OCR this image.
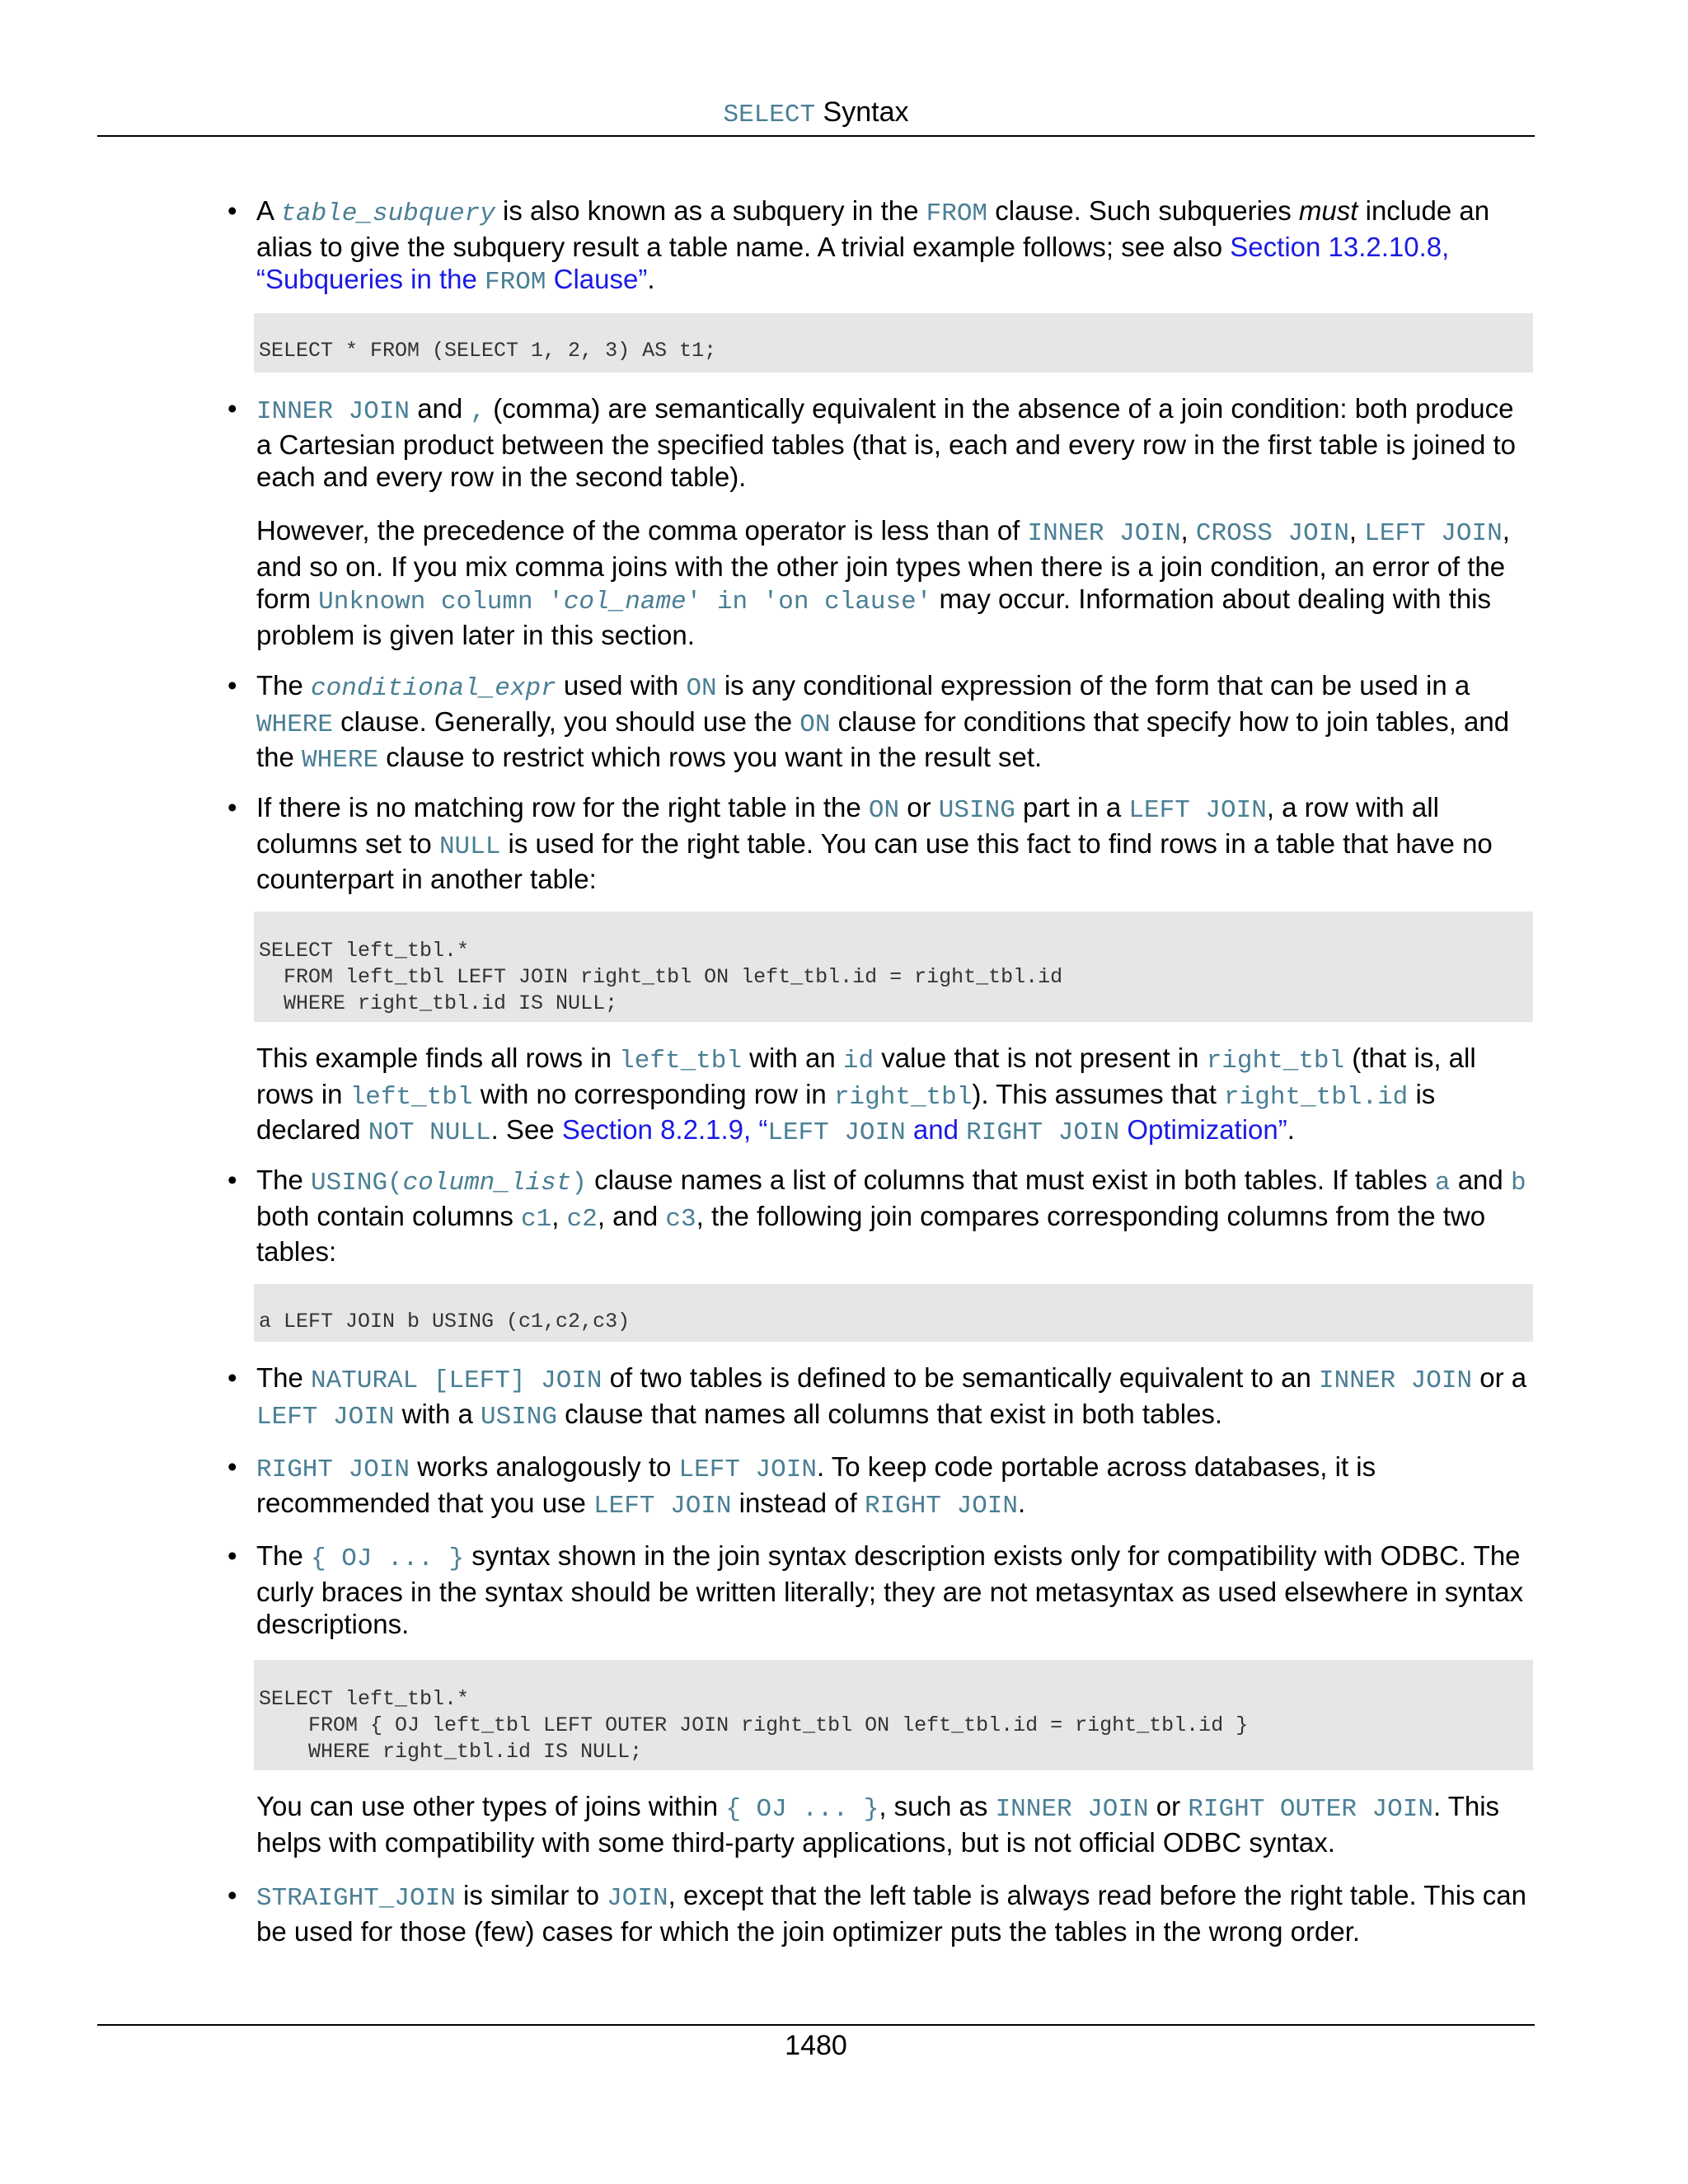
SELECT Syntax
• A table_subquery is also known as a subquery in the FROM clause. Such subqueries must include an alias to give the subquery result a table name. A trivial example follows; see also Section 13.2.10.8, “Subqueries in the FROM Clause”.

SELECT * FROM (SELECT 1, 2, 3) AS t1;
• INNER JOIN and , (comma) are semantically equivalent in the absence of a join condition: both produce a Cartesian product between the specified tables (that is, each and every row in the first table is joined to each and every row in the second table).

However, the precedence of the comma operator is less than of INNER JOIN, CROSS JOIN, LEFT JOIN, and so on. If you mix comma joins with the other join types when there is a join condition, an error of the form Unknown column 'col_name' in 'on clause' may occur. Information about dealing with this problem is given later in this section.

• The conditional_expr used with ON is any conditional expression of the form that can be used in a WHERE clause. Generally, you should use the ON clause for conditions that specify how to join tables, and the WHERE clause to restrict which rows you want in the result set.

• If there is no matching row for the right table in the ON or USING part in a LEFT JOIN, a row with all columns set to NULL is used for the right table. You can use this fact to find rows in a table that have no counterpart in another table:

SELECT left_tbl.*
FROM left_tbl LEFT JOIN right_tbl ON left_tbl.id = right_tbl.id
WHERE right_tbl.id IS NULL;

This example finds all rows in left_tbl with an id value that is not present in right_tbl (that is, all rows in left_tbl with no corresponding row in right_tbl). This assumes that right_tbl.id is declared NOT NULL. See Section 8.2.1.9, “LEFT JOIN and RIGHT JOIN Optimization”.

• The USING(column_list) clause names a list of columns that must exist in both tables. If tables a and b both contain columns c1, c2, and c3, the following join compares corresponding columns from the two tables:

a LEFT JOIN b USING (c1,c2,c3)
• The NATURAL [LEFT] JOIN of two tables is defined to be semantically equivalent to an INNER JOIN or a LEFT JOIN with a USING clause that names all columns that exist in both tables.

• RIGHT JOIN works analogously to LEFT JOIN. To keep code portable across databases, it is recommended that you use LEFT JOIN instead of RIGHT JOIN.

• The { OJ ... } syntax shown in the join syntax description exists only for compatibility with ODBC. The curly braces in the syntax should be written literally; they are not metasyntax as used elsewhere in syntax descriptions.

SELECT left_tbl.*
FROM { OJ left_tbl LEFT OUTER JOIN right_tbl ON left_tbl.id = right_tbl.id }
WHERE right_tbl.id IS NULL;

You can use other types of joins within { OJ ... }, such as INNER JOIN or RIGHT OUTER JOIN. This helps with compatibility with some third-party applications, but is not official ODBC syntax.

• STRAIGHT_JOIN is similar to JOIN, except that the left table is always read before the right table. This can be used for those (few) cases for which the join optimizer puts the tables in the wrong order.

1480
